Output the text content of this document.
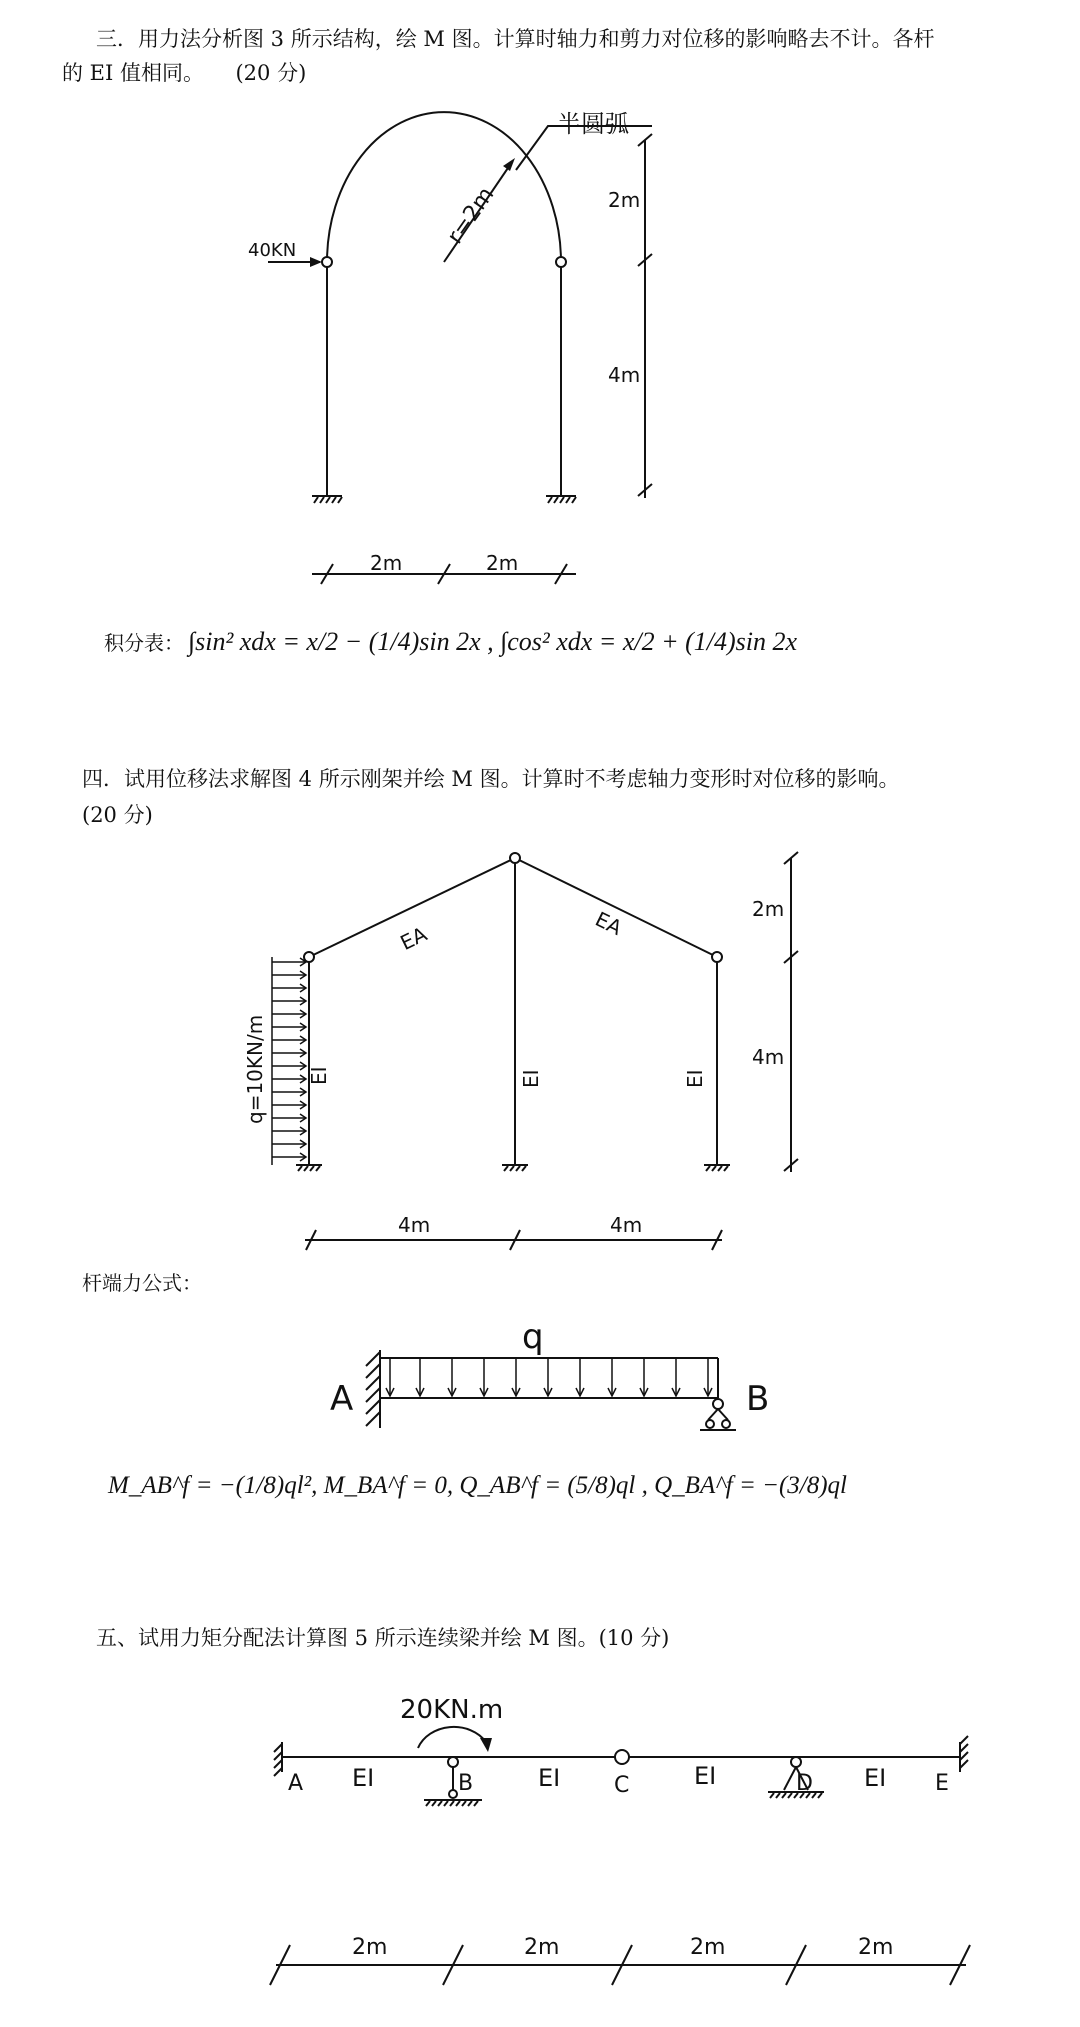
三．用力法分析图 3 所示结构，绘 M 图。计算时轴力和剪力对位移的影响略去不计。各杆
的 EI 值相同。　　(20 分)
半圆弧
r=2m
40KN
2m
4m
2m	2m
积分表： ∫sin² xdx = x/2 − (1/4)sin 2x , ∫cos² xdx = x/2 + (1/4)sin 2x
四．试用位移法求解图 4 所示刚架并绘 M 图。计算时不考虑轴力变形时对位移的影响。
(20 分)
EA	EA
EI	EI	EI
q=10KN/m
2m
4m
4m	4m
q
A	B
杆端力公式：
M_AB^f = −(1/8)ql², M_BA^f = 0, Q_AB^f = (5/8)ql , Q_BA^f = −(3/8)ql
五、试用力矩分配法计算图 5 所示连续梁并绘 M 图。(10 分)
20KN.m
A	B	C	D	E
EI	EI	EI	EI
2m	2m	2m	2m
